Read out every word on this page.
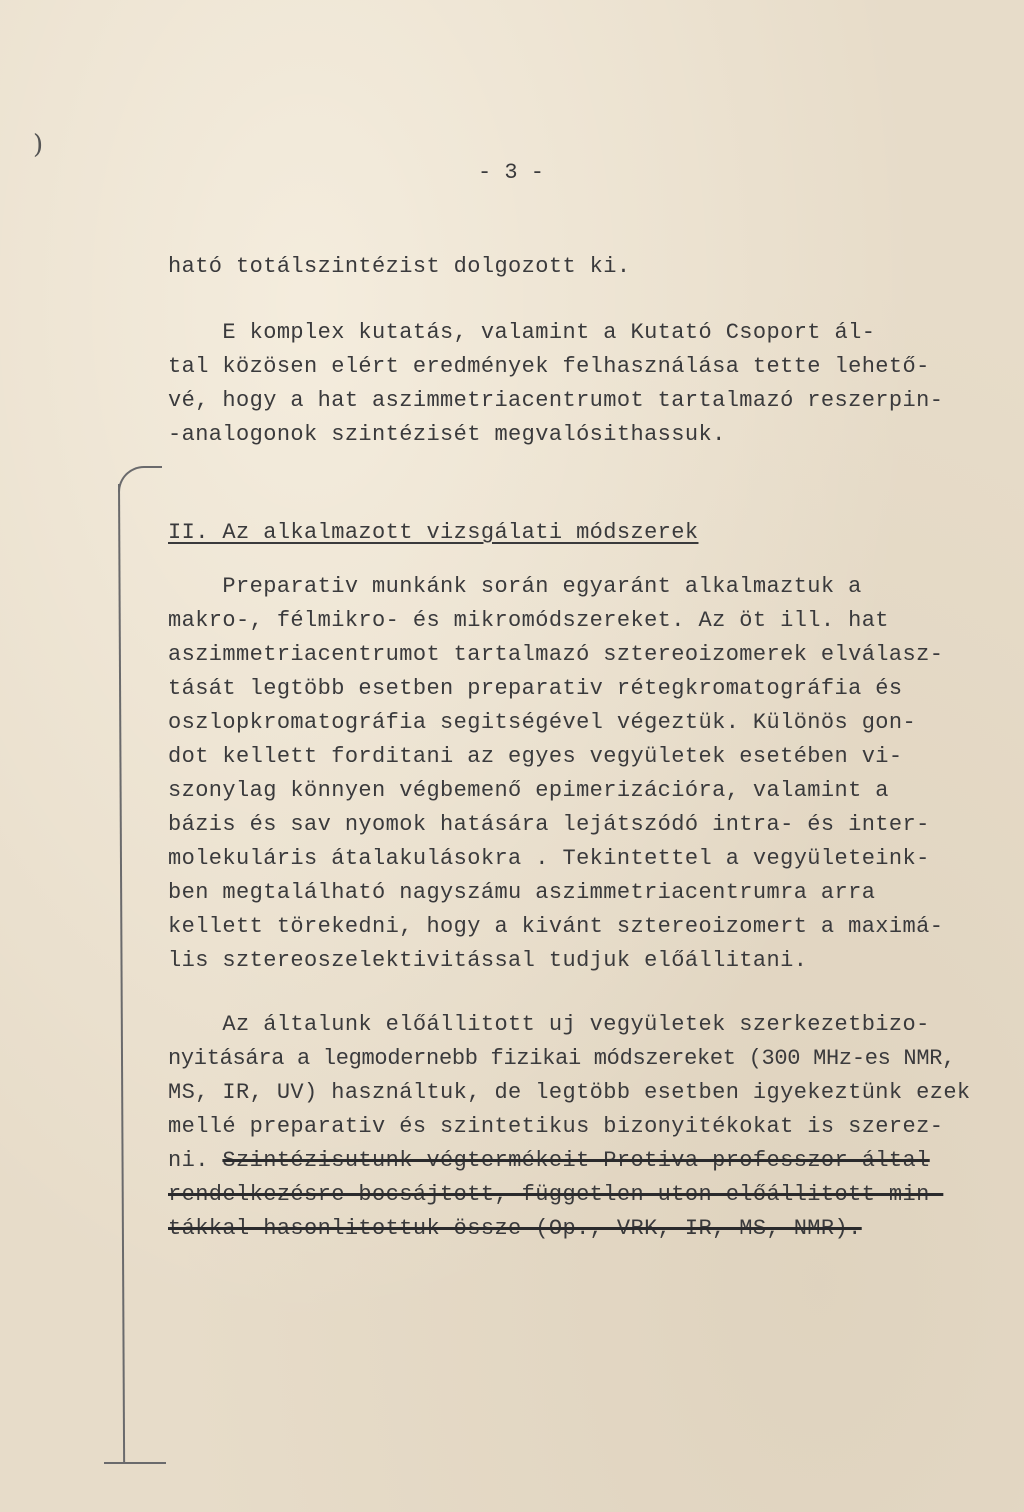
)
- 3 -
ható totálszintézist dolgozott ki.
E komplex kutatás, valamint a Kutató Csoport ál-
tal közösen elért eredmények felhasználása tette lehető-
vé, hogy a hat aszimmetriacentrumot tartalmazó reszerpin-
-analogonok szintézisét megvalósithassuk.
II. Az alkalmazott vizsgálati módszerek
Preparativ munkánk során egyaránt alkalmaztuk a
makro-, félmikro- és mikromódszereket. Az öt ill. hat
aszimmetriacentrumot tartalmazó sztereoizomerek elválasz-
tását legtöbb esetben preparativ rétegkromatográfia és
oszlopkromatográfia segitségével végeztük. Különös gon-
dot kellett forditani az egyes vegyületek esetében vi-
szonylag könnyen végbemenő epimerizációra, valamint a
bázis és sav nyomok hatására lejátszódó intra- és inter-
molekuláris átalakulásokra . Tekintettel a vegyületeink-
ben megtalálható nagyszámu aszimmetriacentrumra arra
kellett törekedni, hogy a kivánt sztereoizomert a maximá-
lis sztereoszelektivitással tudjuk előállitani.
Az általunk előállitott uj vegyületek szerkezetbizo-
nyitására a legmodernebb fizikai módszereket (300 MHz-es NMR,
MS, IR, UV) használtuk, de legtöbb esetben igyekeztünk ezek
mellé preparativ és szintetikus bizonyitékokat is szerez-
ni. Szintézisutunk végtermékeit Protiva professzor által
rendelkezésre bocsájtott, független uton előállitott min-
tákkal hasonlitottuk össze (Op., VRK, IR, MS, NMR).
